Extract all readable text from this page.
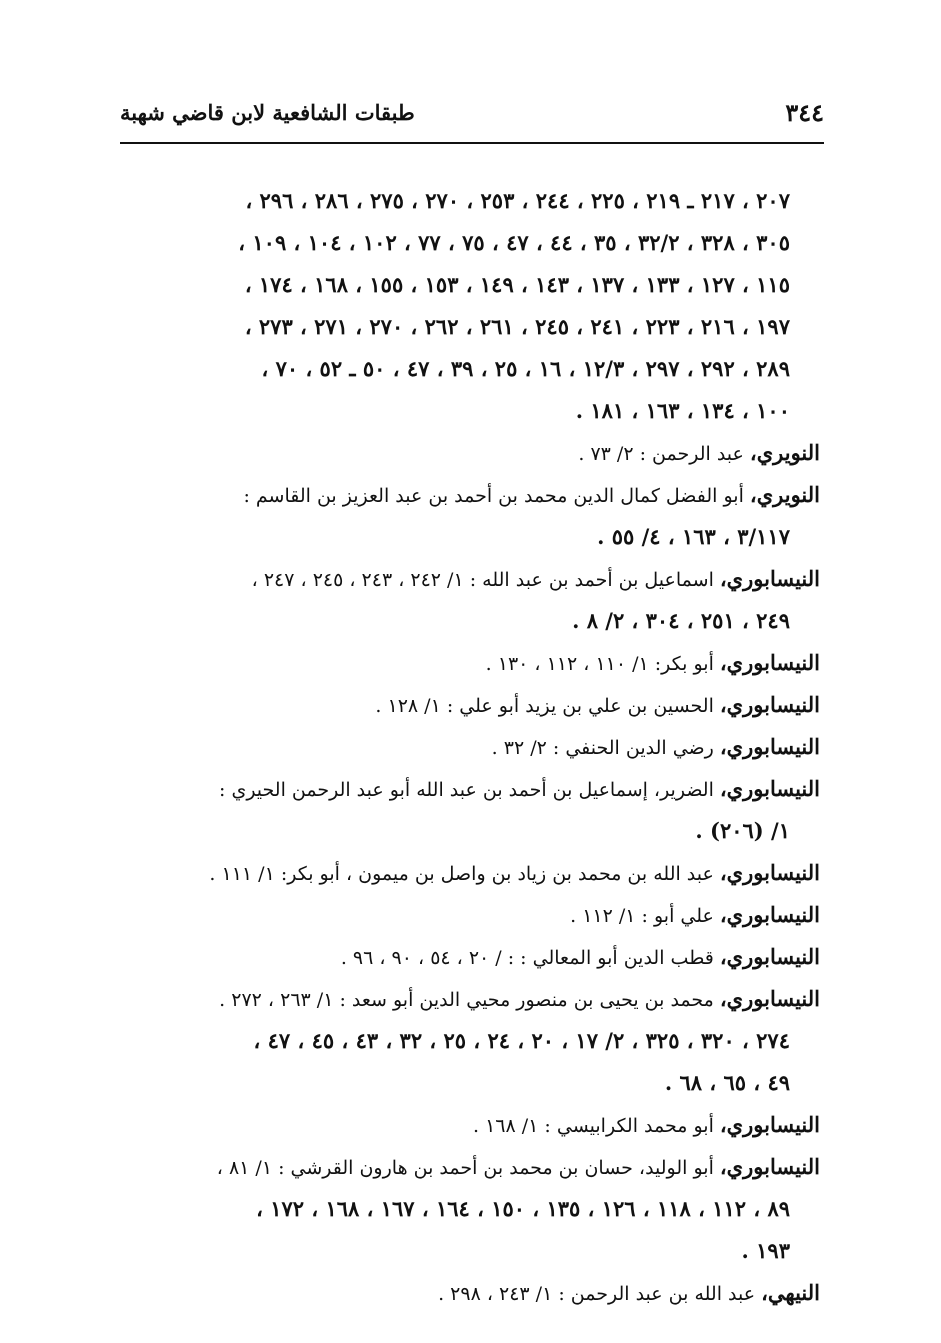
٣٤٤
طبقات الشافعية لابن قاضي شهبة
٢٠٧ ، ٢١٧ ـ ٢١٩ ، ٢٢٥ ، ٢٤٤ ، ٢٥٣ ، ٢٧٠ ، ٢٧٥ ، ٢٨٦ ، ٢٩٦ ،
٣٠٥ ، ٣٢٨ ، ٣٢/٢ ، ٣٥ ، ٤٤ ، ٤٧ ، ٧٥ ، ٧٧ ، ١٠٢ ، ١٠٤ ، ١٠٩ ،
١١٥ ، ١٢٧ ، ١٣٣ ، ١٣٧ ، ١٤٣ ، ١٤٩ ، ١٥٣ ، ١٥٥ ، ١٦٨ ، ١٧٤ ،
١٩٧ ، ٢١٦ ، ٢٢٣ ، ٢٤١ ، ٢٤٥ ، ٢٦١ ، ٢٦٢ ، ٢٧٠ ، ٢٧١ ، ٢٧٣ ،
٢٨٩ ، ٢٩٢ ، ٢٩٧ ، ١٢/٣ ، ١٦ ، ٢٥ ، ٣٩ ، ٤٧ ، ٥٠ ـ ٥٢ ، ٧٠ ،
١٠٠ ، ١٣٤ ، ١٦٣ ، ١٨١ .
النويري، عبد الرحمن : ٢/ ٧٣ .
النويري، أبو الفضل كمال الدين محمد بن أحمد بن عبد العزيز بن القاسم :
٣/١١٧ ، ١٦٣ ، ٤/ ٥٥ .
النيسابوري، اسماعيل بن أحمد بن عبد الله : ١/ ٢٤٢ ، ٢٤٣ ، ٢٤٥ ، ٢٤٧ ،
٢٤٩ ، ٢٥١ ، ٣٠٤ ، ٢/ ٨ .
النيسابوري، أبو بكر: ١/ ١١٠ ، ١١٢ ، ١٣٠ .
النيسابوري، الحسين بن علي بن يزيد أبو علي : ١/ ١٢٨ .
النيسابوري، رضي الدين الحنفي : ٢/ ٣٢ .
النيسابوري، الضرير، إسماعيل بن أحمد بن عبد الله أبو عبد الرحمن الحيري :
١/ (٢٠٦) .
النيسابوري، عبد الله بن محمد بن زياد بن واصل بن ميمون ، أبو بكر: ١/ ١١١ .
النيسابوري، علي أبو : ١/ ١١٢ .
النيسابوري، قطب الدين أبو المعالي : : / ٢٠ ، ٥٤ ، ٩٠ ، ٩٦ .
النيسابوري، محمد بن يحيى بن منصور محيي الدين أبو سعد : ١/ ٢٦٣ ، ٢٧٢ .
٢٧٤ ، ٣٢٠ ، ٣٢٥ ، ٢/ ١٧ ، ٢٠ ، ٢٤ ، ٢٥ ، ٣٢ ، ٤٣ ، ٤٥ ، ٤٧ ،
٤٩ ، ٦٥ ، ٦٨ .
النيسابوري، أبو محمد الكرابيسي : ١/ ١٦٨ .
النيسابوري، أبو الوليد، حسان بن محمد بن أحمد بن هارون القرشي : ١/ ٨١ ،
٨٩ ، ١١٢ ، ١١٨ ، ١٢٦ ، ١٣٥ ، ١٥٠ ، ١٦٤ ، ١٦٧ ، ١٦٨ ، ١٧٢ ،
١٩٣ .
النيهي، عبد الله بن عبد الرحمن : ١/ ٢٤٣ ، ٢٩٨ .
